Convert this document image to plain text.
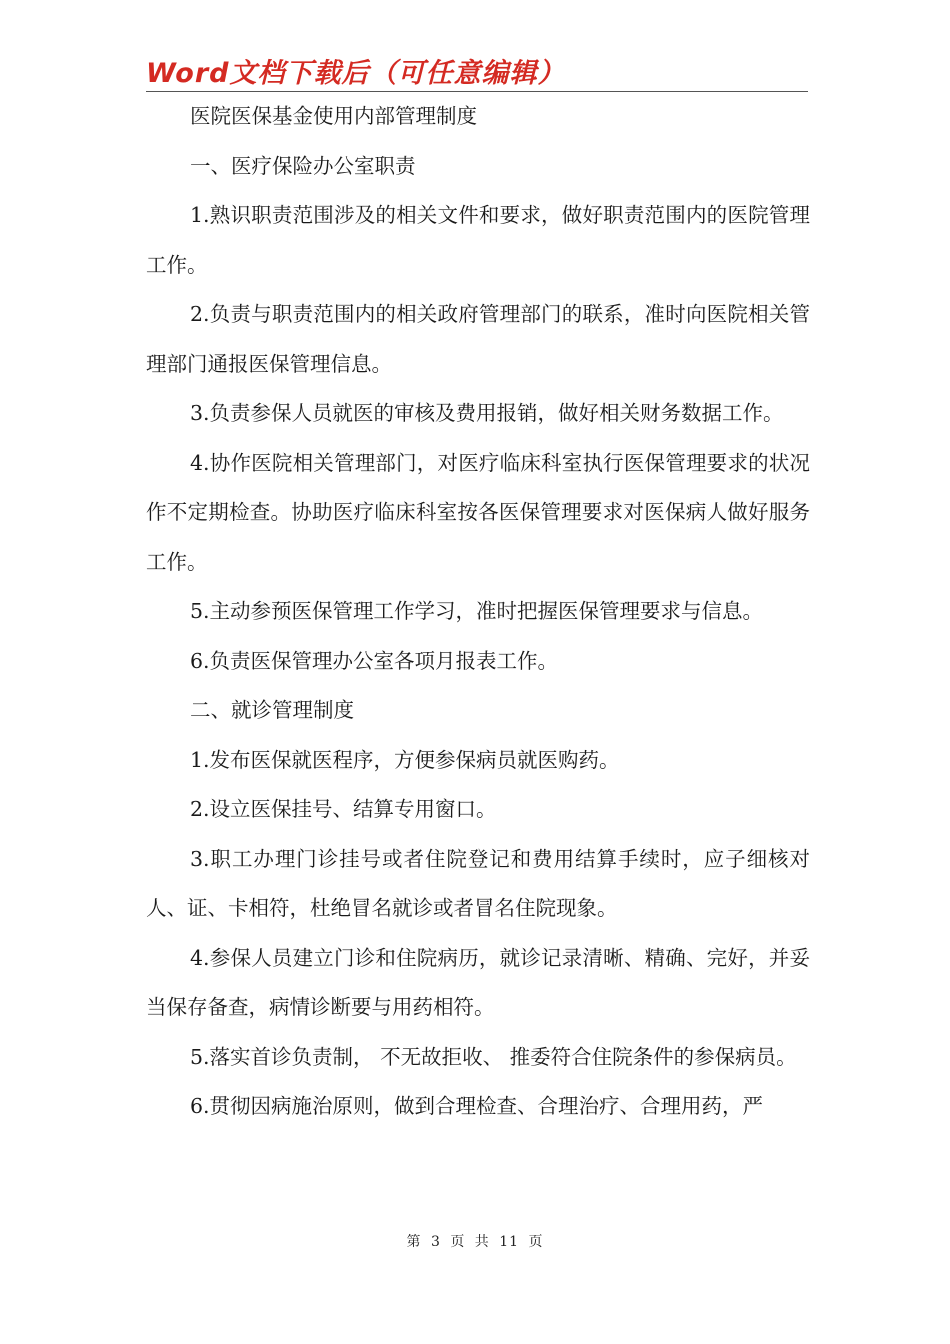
Word文档下载后（可任意编辑）

医院医保基金使用内部管理制度

一、医疗保险办公室职责

1.熟识职责范围涉及的相关文件和要求，做好职责范围内的医院管理工作。

2.负责与职责范围内的相关政府管理部门的联系，准时向医院相关管理部门通报医保管理信息。

3.负责参保人员就医的审核及费用报销，做好相关财务数据工作。

4.协作医院相关管理部门，对医疗临床科室执行医保管理要求的状况作不定期检查。协助医疗临床科室按各医保管理要求对医保病人做好服务工作。

5.主动参预医保管理工作学习，准时把握医保管理要求与信息。

6.负责医保管理办公室各项月报表工作。

二、就诊管理制度

1.发布医保就医程序，方便参保病员就医购药。

2.设立医保挂号、结算专用窗口。

3.职工办理门诊挂号或者住院登记和费用结算手续时，应子细核对 人、证、卡相符，杜绝冒名就诊或者冒名住院现象。

4.参保人员建立门诊和住院病历，就诊记录清晰、精确、完好，并妥当保存备查，病情诊断要与用药相符。

5.落实首诊负责制， 不无故拒收、 推委符合住院条件的参保病员。

6.贯彻因病施治原则，做到合理检查、合理治疗、合理用药，严

第 3 页 共 11 页
